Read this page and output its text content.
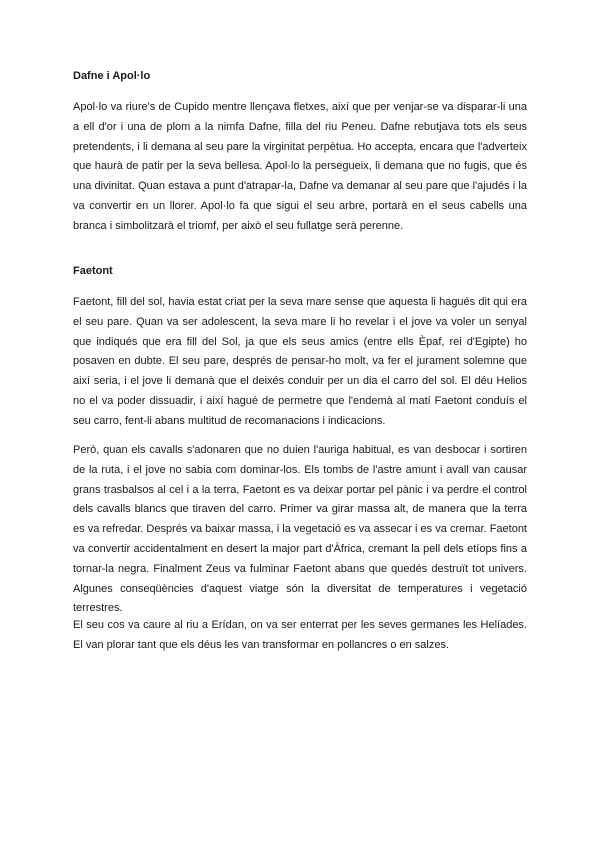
Dafne i Apol·lo

Apol·lo va riure's de Cupido mentre llençava fletxes, així que per venjar-se va disparar-li una a ell d'or i una de plom a la nimfa Dafne, filla del riu Peneu. Dafne rebutjava tots els seus pretendents, i li demana al seu pare la virginitat perpètua. Ho accepta, encara que l'adverteix que haurà de patir per la seva bellesa. Apol·lo la persegueix, li demana que no fugis, que és una divinitat. Quan estava a punt d'atrapar-la, Dafne va demanar al seu pare que l'ajudés i la va convertir en un llorer. Apol·lo fa que sigui el seu arbre, portarà en el seus cabells una branca i simbolitzarà el triomf, per això el seu fullatge serà perenne.

Faetont

Faetont, fill del sol, havia estat criat per la seva mare sense que aquesta li hagués dit qui era el seu pare. Quan va ser adolescent, la seva mare li ho revelar i el jove va voler un senyal que indiqués que era fill del Sol, ja que els seus amics (entre ells Èpaf, rei d'Egipte) ho posaven en dubte. El seu pare, després de pensar-ho molt, va fer el jurament solemne que així seria, i el jove li demanà que el deixés conduir per un dia el carro del sol. El déu Helios no el va poder dissuadir, i així hagué de permetre que l'endemà al matí Faetont conduís el seu carro, fent-li abans multitud de recomanacions i indicacions.

Però, quan els cavalls s'adonaren que no duien l'auriga habitual, es van desbocar i sortiren de la ruta, i el jove no sabia com dominar-los. Els tombs de l'astre amunt i avall van causar grans trasbalsos al cel i a la terra, Faetont es va deixar portar pel pànic i va perdre el control dels cavalls blancs que tiraven del carro. Primer va girar massa alt, de manera que la terra es va refredar. Després va baixar massa, i la vegetació es va assecar i es va cremar. Faetont va convertir accidentalment en desert la major part d'Àfrica, cremant la pell dels etíops fins a tornar-la negra. Finalment Zeus va fulminar Faetont abans que quedés destruït tot univers. Algunes conseqüències d'aquest viatge són la diversitat de temperatures i vegetació terrestres.

El seu cos va caure al riu a Erídan, on va ser enterrat per les seves germanes les Helíades. El van plorar tant que els déus les van transformar en pollancres o en salzes.
